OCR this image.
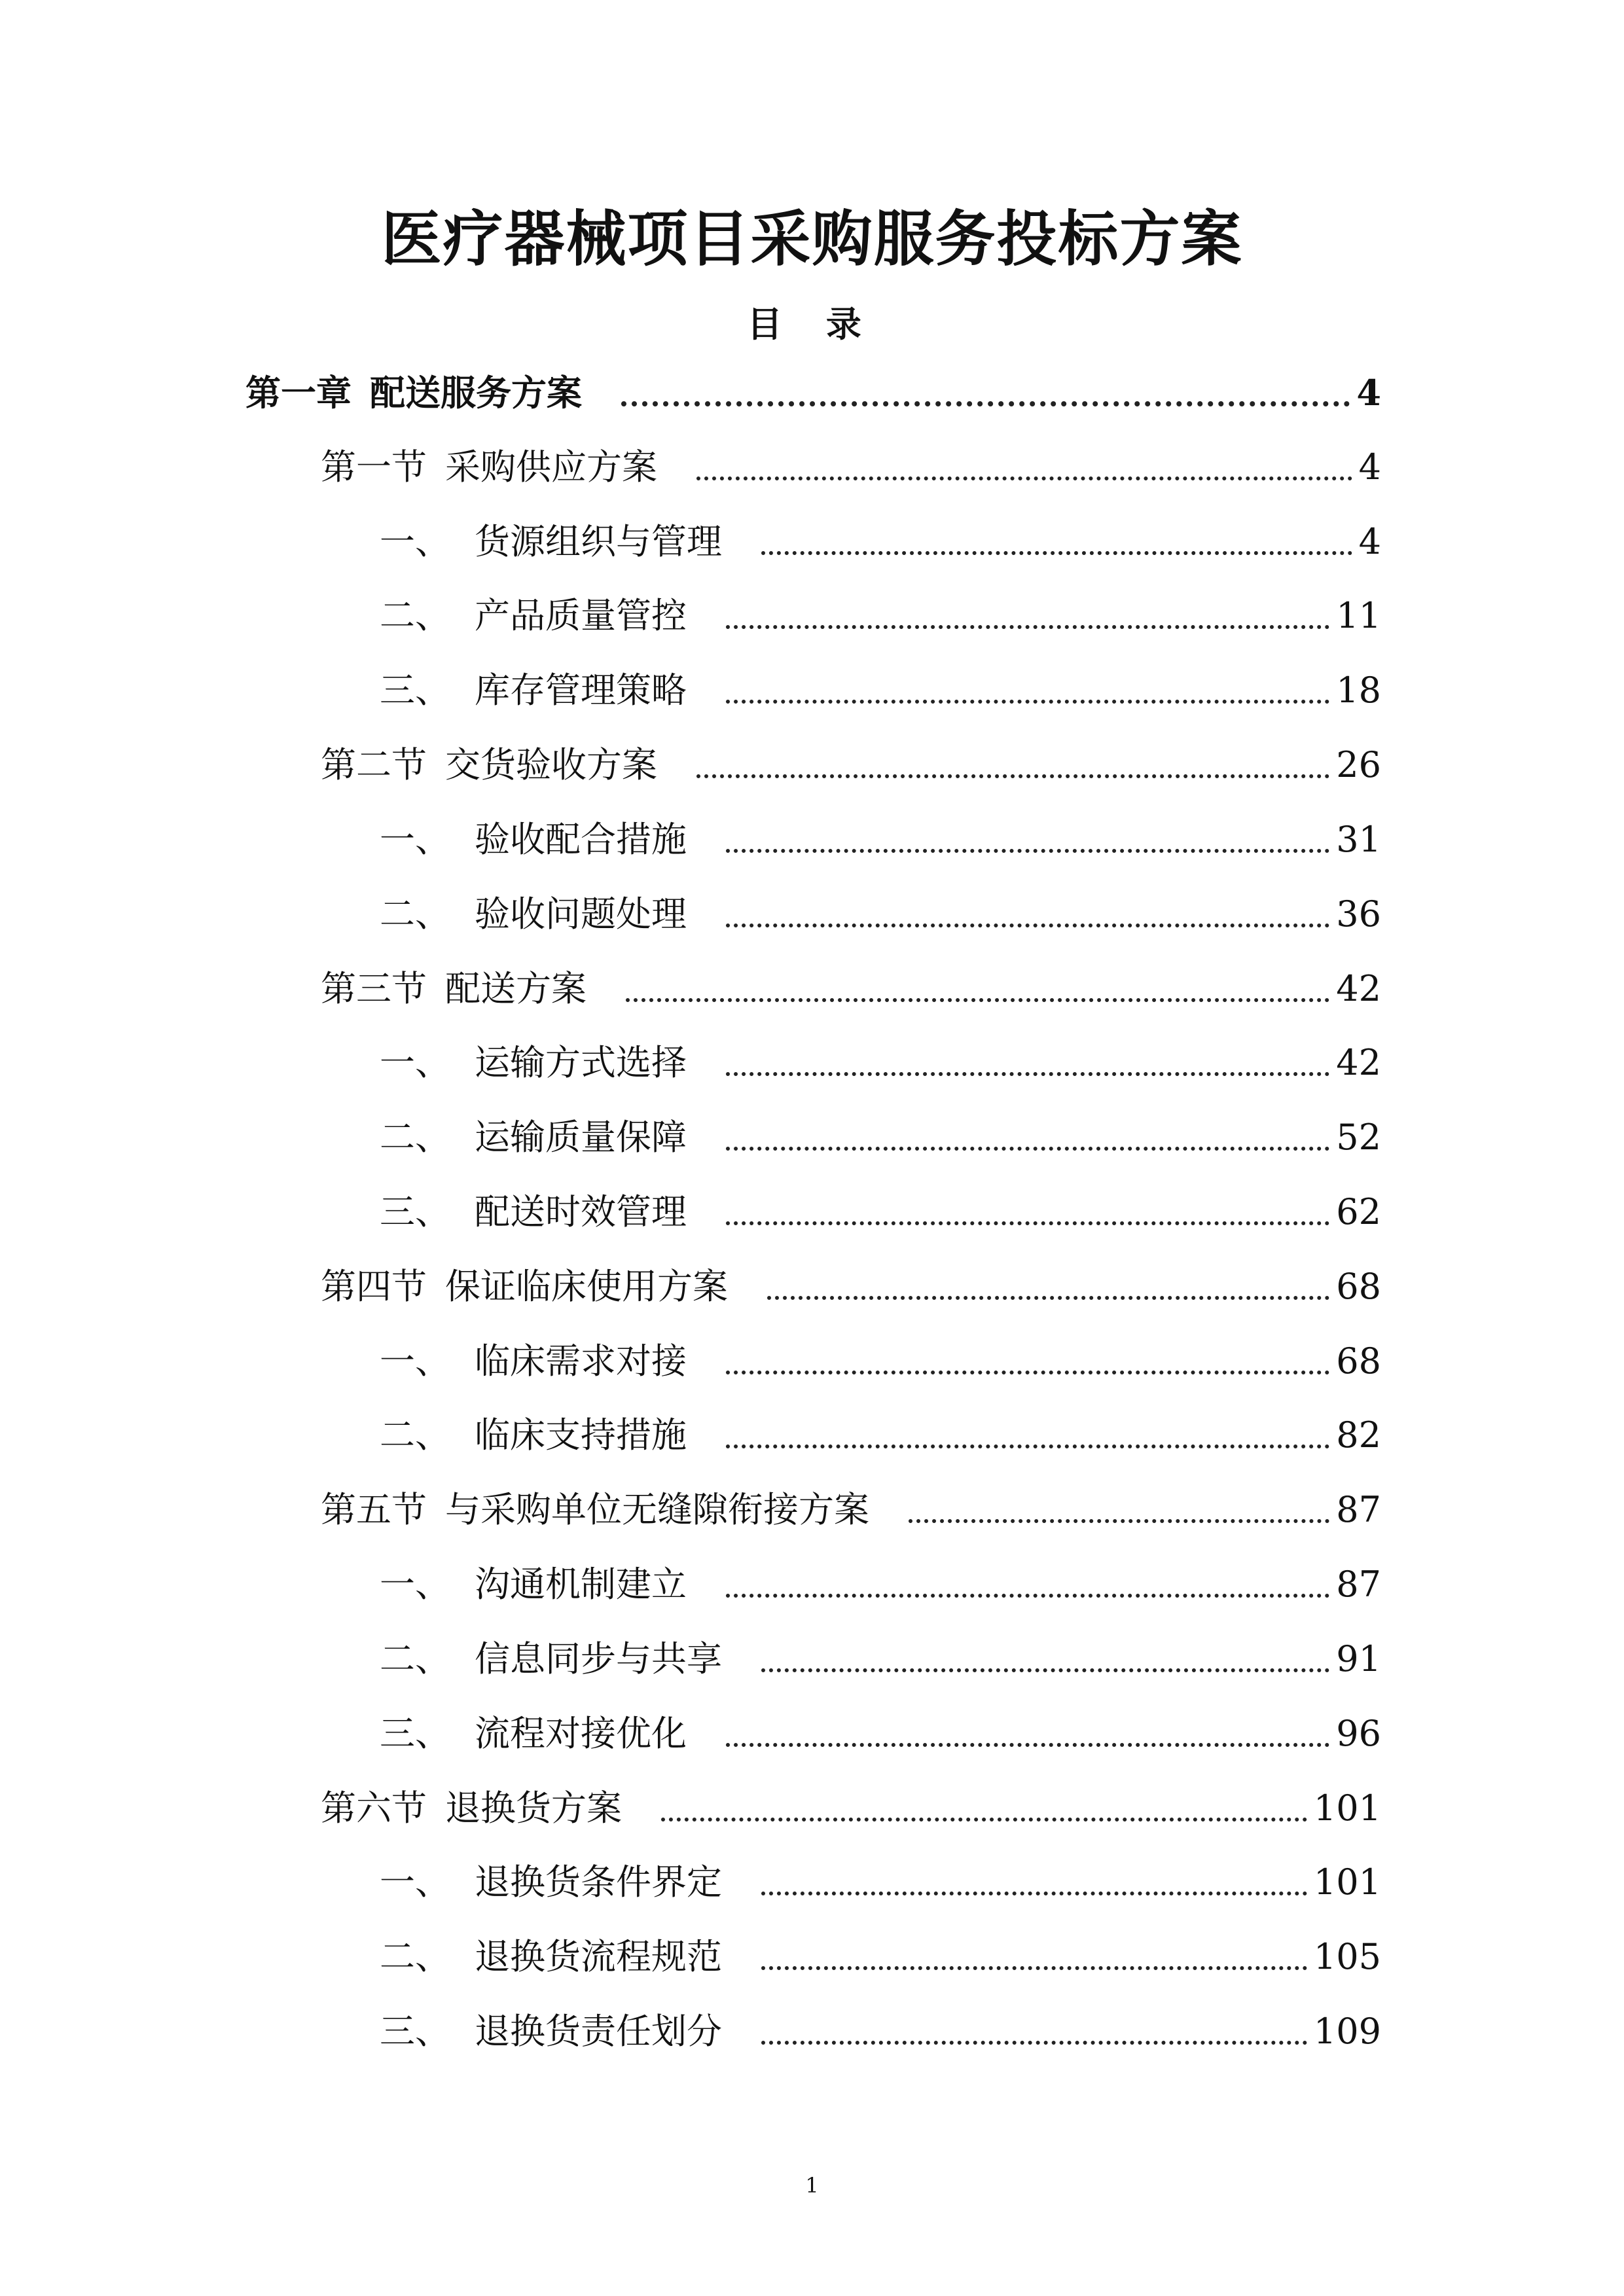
医疗器械项目采购服务投标方案
目 录
第一章 配送服务方案	4
第一节 采购供应方案	4
一、 货源组织与管理	4
二、 产品质量管控	11
三、 库存管理策略	18
第二节 交货验收方案	26
一、 验收配合措施	31
二、 验收问题处理	36
第三节 配送方案	42
一、 运输方式选择	42
二、 运输质量保障	52
三、 配送时效管理	62
第四节 保证临床使用方案	68
一、 临床需求对接	68
二、 临床支持措施	82
第五节 与采购单位无缝隙衔接方案	87
一、 沟通机制建立	87
二、 信息同步与共享	91
三、 流程对接优化	96
第六节 退换货方案	101
一、 退换货条件界定	101
二、 退换货流程规范	105
三、 退换货责任划分	109
1
